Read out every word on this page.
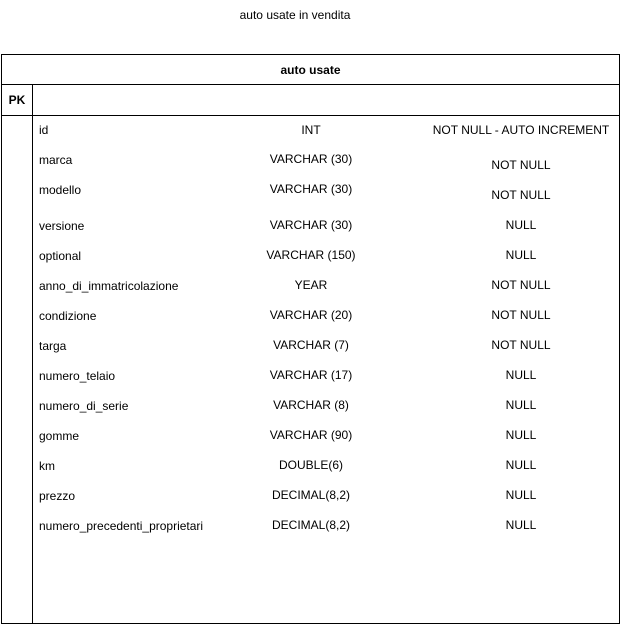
auto usate in vendita
auto usate
PK
id	INT	NOT NULL - AUTO INCREMENT
marca	VARCHAR (30)	NOT NULL
modello	VARCHAR (30)	NOT NULL
versione	VARCHAR (30)	NULL
optional	VARCHAR (150)	NULL
anno_di_immatricolazione	YEAR	NOT NULL
condizione	VARCHAR (20)	NOT NULL
targa	VARCHAR (7)	NOT NULL
numero_telaio	VARCHAR (17)	NULL
numero_di_serie	VARCHAR (8)	NULL
gomme	VARCHAR (90)	NULL
km	DOUBLE(6)	NULL
prezzo	DECIMAL(8,2)	NULL
numero_precedenti_proprietari	DECIMAL(8,2)	NULL
